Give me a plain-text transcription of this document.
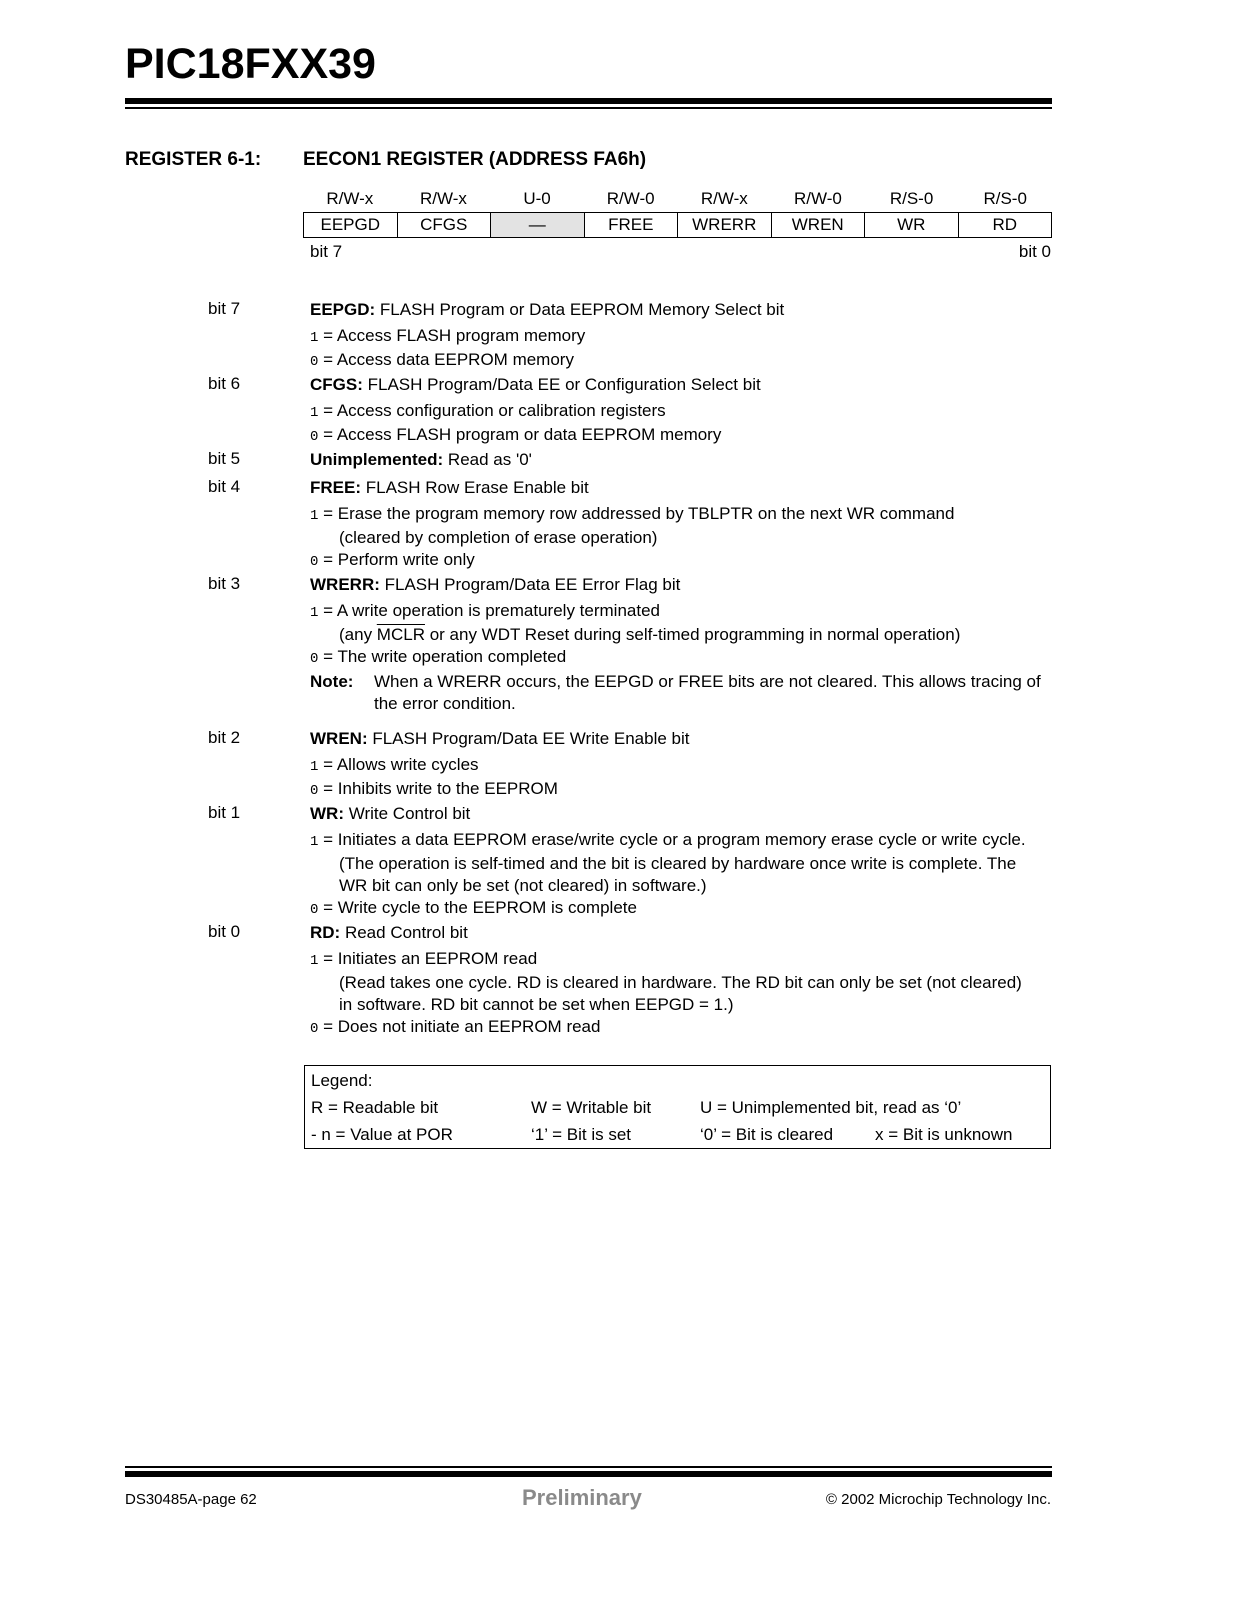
PIC18FXX39
REGISTER 6-1: EECON1 REGISTER (ADDRESS FA6h)
R/W-x	R/W-x	U-0	R/W-0	R/W-x	R/W-0	R/S-0	R/S-0
EEPGD	CFGS	—	FREE	WRERR	WREN	WR	RD
bit 7	bit 0
bit 7	EEPGD: FLASH Program or Data EEPROM Memory Select bit
1 = Access FLASH program memory
0 = Access data EEPROM memory
bit 6	CFGS: FLASH Program/Data EE or Configuration Select bit
1 = Access configuration or calibration registers
0 = Access FLASH program or data EEPROM memory
bit 5	Unimplemented: Read as '0'
bit 4	FREE: FLASH Row Erase Enable bit
1 = Erase the program memory row addressed by TBLPTR on the next WR command
(cleared by completion of erase operation)
0 = Perform write only
bit 3	WRERR: FLASH Program/Data EE Error Flag bit
1 = A write operation is prematurely terminated
(any MCLR or any WDT Reset during self-timed programming in normal operation)
0 = The write operation completed
Note:	When a WRERR occurs, the EEPGD or FREE bits are not cleared. This allows tracing of the error condition.
bit 2	WREN: FLASH Program/Data EE Write Enable bit
1 = Allows write cycles
0 = Inhibits write to the EEPROM
bit 1	WR: Write Control bit
1 = Initiates a data EEPROM erase/write cycle or a program memory erase cycle or write cycle.
(The operation is self-timed and the bit is cleared by hardware once write is complete. The
WR bit can only be set (not cleared) in software.)
0 = Write cycle to the EEPROM is complete
bit 0	RD: Read Control bit
1 = Initiates an EEPROM read
(Read takes one cycle. RD is cleared in hardware. The RD bit can only be set (not cleared)
in software. RD bit cannot be set when EEPGD = 1.)
0 = Does not initiate an EEPROM read
Legend:
R = Readable bit	W = Writable bit	U = Unimplemented bit, read as ‘0’
- n = Value at POR	‘1’ = Bit is set	‘0’ = Bit is cleared x = Bit is unknown
DS30485A-page 62	Preliminary	© 2002 Microchip Technology Inc.
